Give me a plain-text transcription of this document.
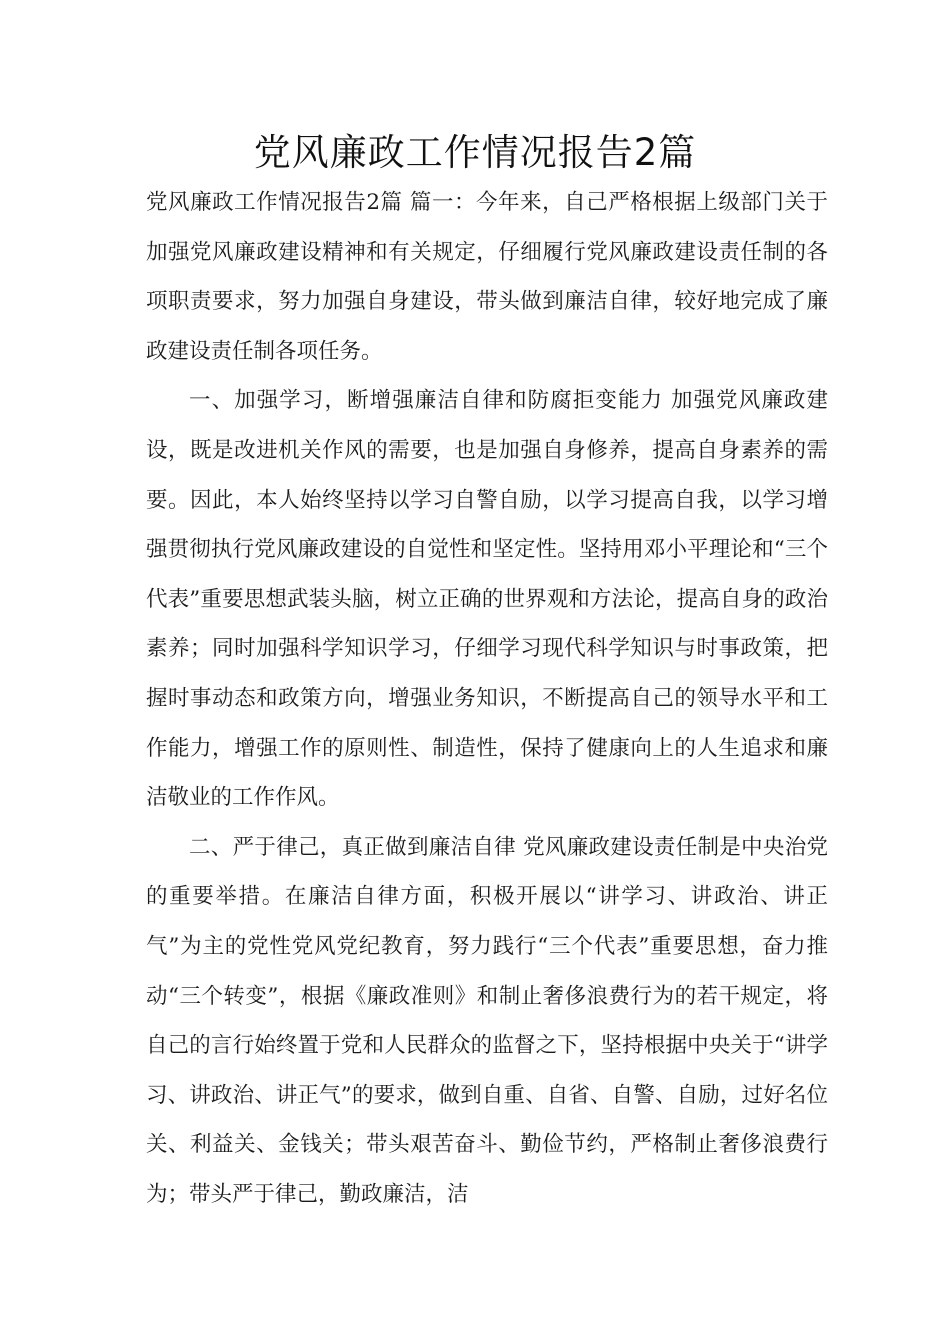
党风廉政工作情况报告2篇

党风廉政工作情况报告2篇 篇一：今年来，自己严格根据上级部门关于加强党风廉政建设精神和有关规定，仔细履行党风廉政建设责任制的各项职责要求，努力加强自身建设，带头做到廉洁自律，较好地完成了廉政建设责任制各项任务。

一、加强学习，断增强廉洁自律和防腐拒变能力 加强党风廉政建设，既是改进机关作风的需要，也是加强自身修养，提高自身素养的需要。因此，本人始终坚持以学习自警自励，以学习提高自我，以学习增强贯彻执行党风廉政建设的自觉性和坚定性。坚持用邓小平理论和“三个代表”重要思想武装头脑，树立正确的世界观和方法论，提高自身的政治素养；同时加强科学知识学习，仔细学习现代科学知识与时事政策，把握时事动态和政策方向，增强业务知识，不断提高自己的领导水平和工作能力，增强工作的原则性、制造性，保持了健康向上的人生追求和廉洁敬业的工作作风。

二、严于律己，真正做到廉洁自律 党风廉政建设责任制是中央治党的重要举措。在廉洁自律方面，积极开展以“讲学习、讲政治、讲正气”为主的党性党风党纪教育，努力践行“三个代表”重要思想，奋力推动“三个转变”，根据《廉政准则》和制止奢侈浪费行为的若干规定，将自己的言行始终置于党和人民群众的监督之下，坚持根据中央关于“讲学习、讲政治、讲正气”的要求，做到自重、自省、自警、自励，过好名位关、利益关、金钱关；带头艰苦奋斗、勤俭节约，严格制止奢侈浪费行为；带头严于律己，勤政廉洁，洁
